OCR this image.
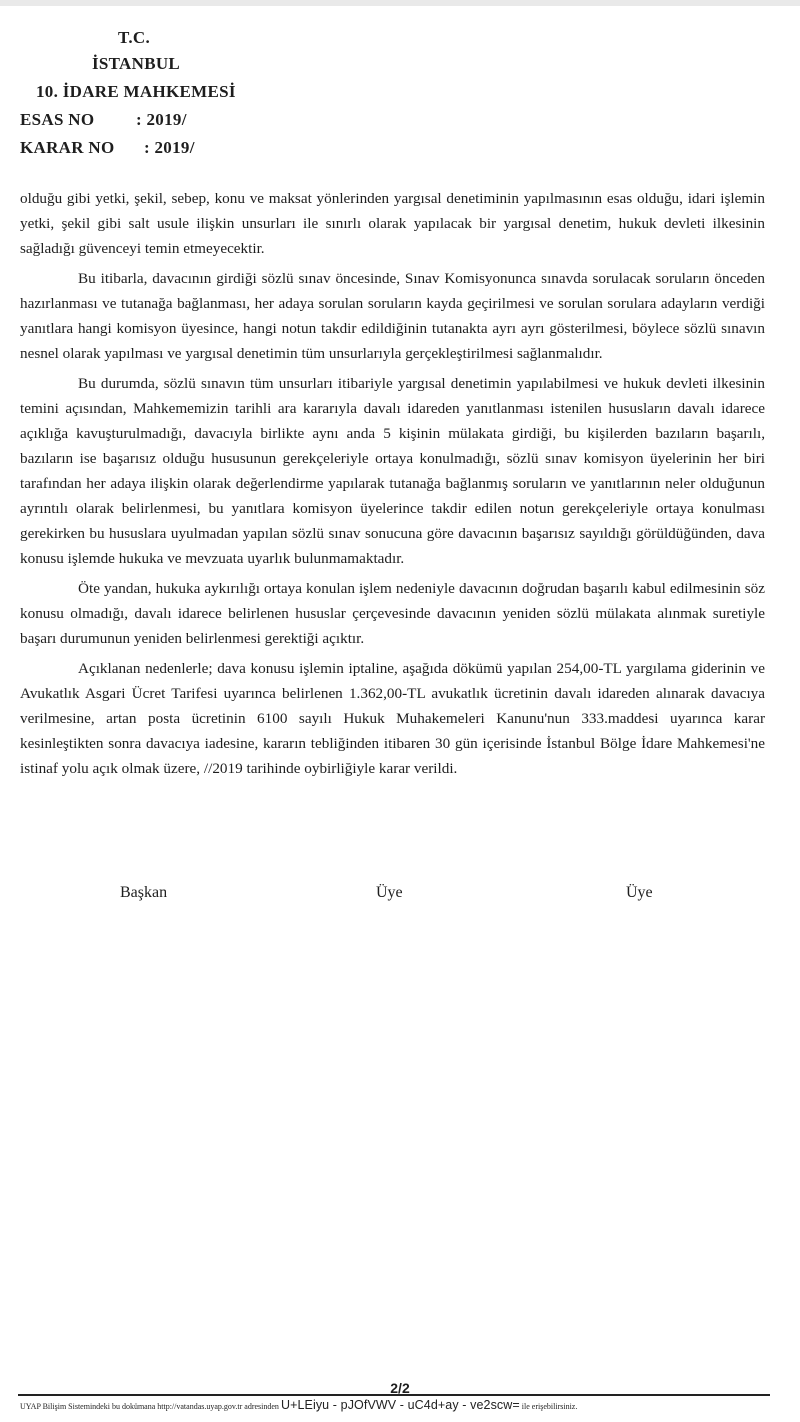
T.C.
İSTANBUL
10. İDARE MAHKEMESİ
ESAS NO : 2019/
KARAR NO : 2019/

olduğu gibi yetki, şekil, sebep, konu ve maksat yönlerinden yargısal denetiminin yapılmasının esas olduğu, idari işlemin yetki, şekil gibi salt usule ilişkin unsurları ile sınırlı olarak yapılacak bir yargısal denetim, hukuk devleti ilkesinin sağladığı güvenceyi temin etmeyecektir.

Bu itibarla, davacının girdiği sözlü sınav öncesinde, Sınav Komisyonunca sınavda sorulacak soruların önceden hazırlanması ve tutanağa bağlanması, her adaya sorulan soruların kayda geçirilmesi ve sorulan sorulara adayların verdiği yanıtlara hangi komisyon üyesince, hangi notun takdir edildiğinin tutanakta ayrı ayrı gösterilmesi, böylece sözlü sınavın nesnel olarak yapılması ve yargısal denetimin tüm unsurlarıyla gerçekleştirilmesi sağlanmalıdır.

Bu durumda, sözlü sınavın tüm unsurları itibariyle yargısal denetimin yapılabilmesi ve hukuk devleti ilkesinin temini açısından, Mahkememizin tarihli ara kararıyla davalı idareden yanıtlanması istenilen hususların davalı idarece açıklığa kavuşturulmadığı, davacıyla birlikte aynı anda 5 kişinin mülakata girdiği, bu kişilerden bazıların başarılı, bazıların ise başarısız olduğu hususunun gerekçeleriyle ortaya konulmadığı, sözlü sınav komisyon üyelerinin her biri tarafından her adaya ilişkin olarak değerlendirme yapılarak tutanağa bağlanmış soruların ve yanıtlarının neler olduğunun ayrıntılı olarak belirlenmesi, bu yanıtlara komisyon üyelerince takdir edilen notun gerekçeleriyle ortaya konulması gerekirken bu hususlara uyulmadan yapılan sözlü sınav sonucuna göre davacının başarısız sayıldığı görüldüğünden, dava konusu işlemde hukuka ve mevzuata uyarlık bulunmamaktadır.

Öte yandan, hukuka aykırılığı ortaya konulan işlem nedeniyle davacının doğrudan başarılı kabul edilmesinin söz konusu olmadığı, davalı idarece belirlenen hususlar çerçevesinde davacının yeniden sözlü mülakata alınmak suretiyle başarı durumunun yeniden belirlenmesi gerektiği açıktır.

Açıklanan nedenlerle; dava konusu işlemin iptaline, aşağıda dökümü yapılan 254,00-TL yargılama giderinin ve Avukatlık Asgari Ücret Tarifesi uyarınca belirlenen 1.362,00-TL avukatlık ücretinin davalı idareden alınarak davacıya verilmesine, artan posta ücretinin 6100 sayılı Hukuk Muhakemeleri Kanunu'nun 333.maddesi uyarınca karar kesinleştikten sonra davacıya iadesine, kararın tebliğinden itibaren 30 gün içerisinde İstanbul Bölge İdare Mahkemesi'ne istinaf yolu açık olmak üzere, //2019 tarihinde oybirliğiyle karar verildi.

Başkan	Üye	Üye
2/2
UYAP Bilişim Sistemindeki bu dokümana http://vatandas.uyap.gov.tr adresinden U+LEiyu - pJOfVWV - uC4d+ay - ve2scw= ile erişebilirsiniz.
